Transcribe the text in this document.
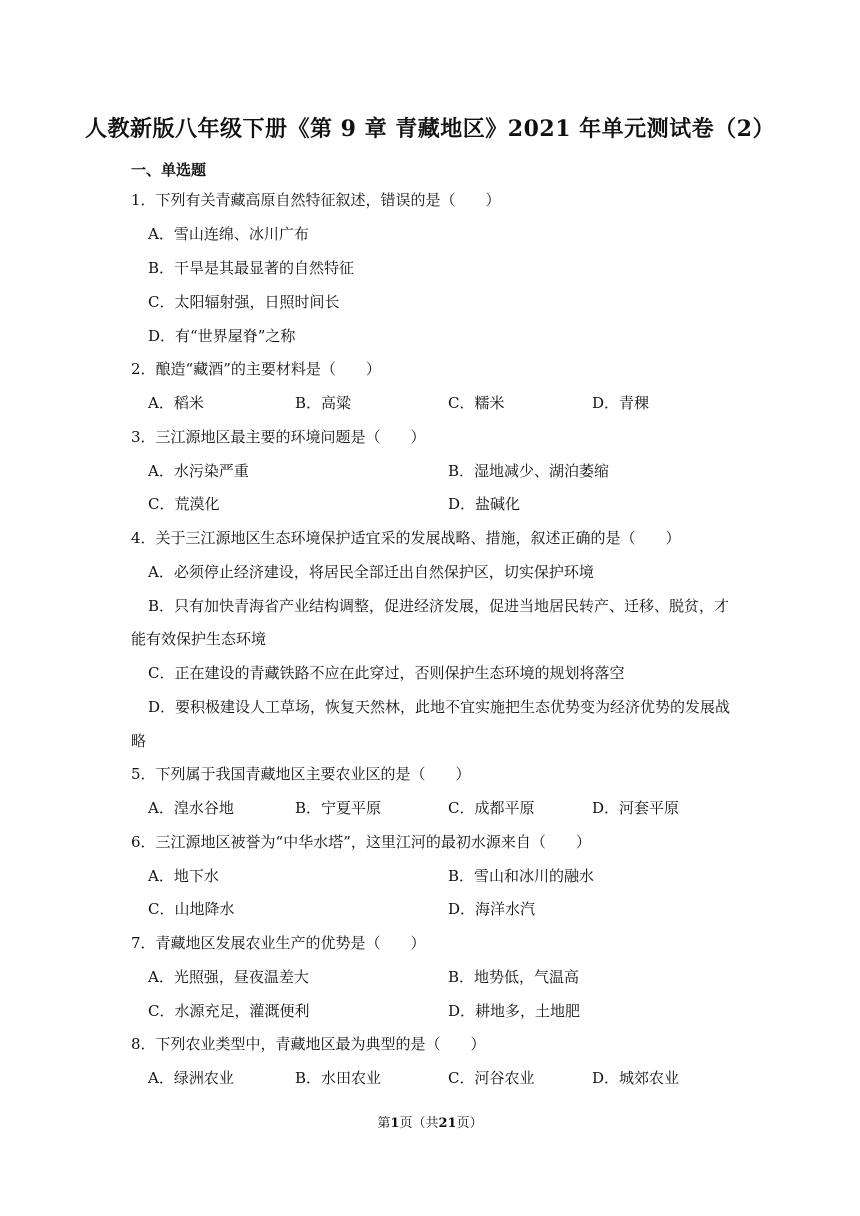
人教新版八年级下册《第 9 章 青藏地区》2021 年单元测试卷（2）
一、单选题
1．下列有关青藏高原自然特征叙述，错误的是（　　）
A．雪山连绵、冰川广布
B．干旱是其最显著的自然特征
C．太阳辐射强，日照时间长
D．有“世界屋脊”之称
2．酿造“藏酒”的主要材料是（　　）
A．稻米	B．高粱	C．糯米	D．青稞
3．三江源地区最主要的环境问题是（　　）
A．水污染严重	B．湿地减少、湖泊萎缩
C．荒漠化	D．盐碱化
4．关于三江源地区生态环境保护适宜采的发展战略、措施，叙述正确的是（　　）
A．必须停止经济建设，将居民全部迁出自然保护区，切实保护环境
B．只有加快青海省产业结构调整，促进经济发展，促进当地居民转产、迁移、脱贫，才
能有效保护生态环境
C．正在建设的青藏铁路不应在此穿过，否则保护生态环境的规划将落空
D．要积极建设人工草场，恢复天然林，此地不宜实施把生态优势变为经济优势的发展战
略
5．下列属于我国青藏地区主要农业区的是（　　）
A．湟水谷地	B．宁夏平原	C．成都平原	D．河套平原
6．三江源地区被誉为“中华水塔”，这里江河的最初水源来自（　　）
A．地下水	B．雪山和冰川的融水
C．山地降水	D．海洋水汽
7．青藏地区发展农业生产的优势是（　　）
A．光照强，昼夜温差大	B．地势低，气温高
C．水源充足，灌溉便利	D．耕地多，土地肥
8．下列农业类型中，青藏地区最为典型的是（　　）
A．绿洲农业	B．水田农业	C．河谷农业	D．城郊农业
第1页（共21页）
